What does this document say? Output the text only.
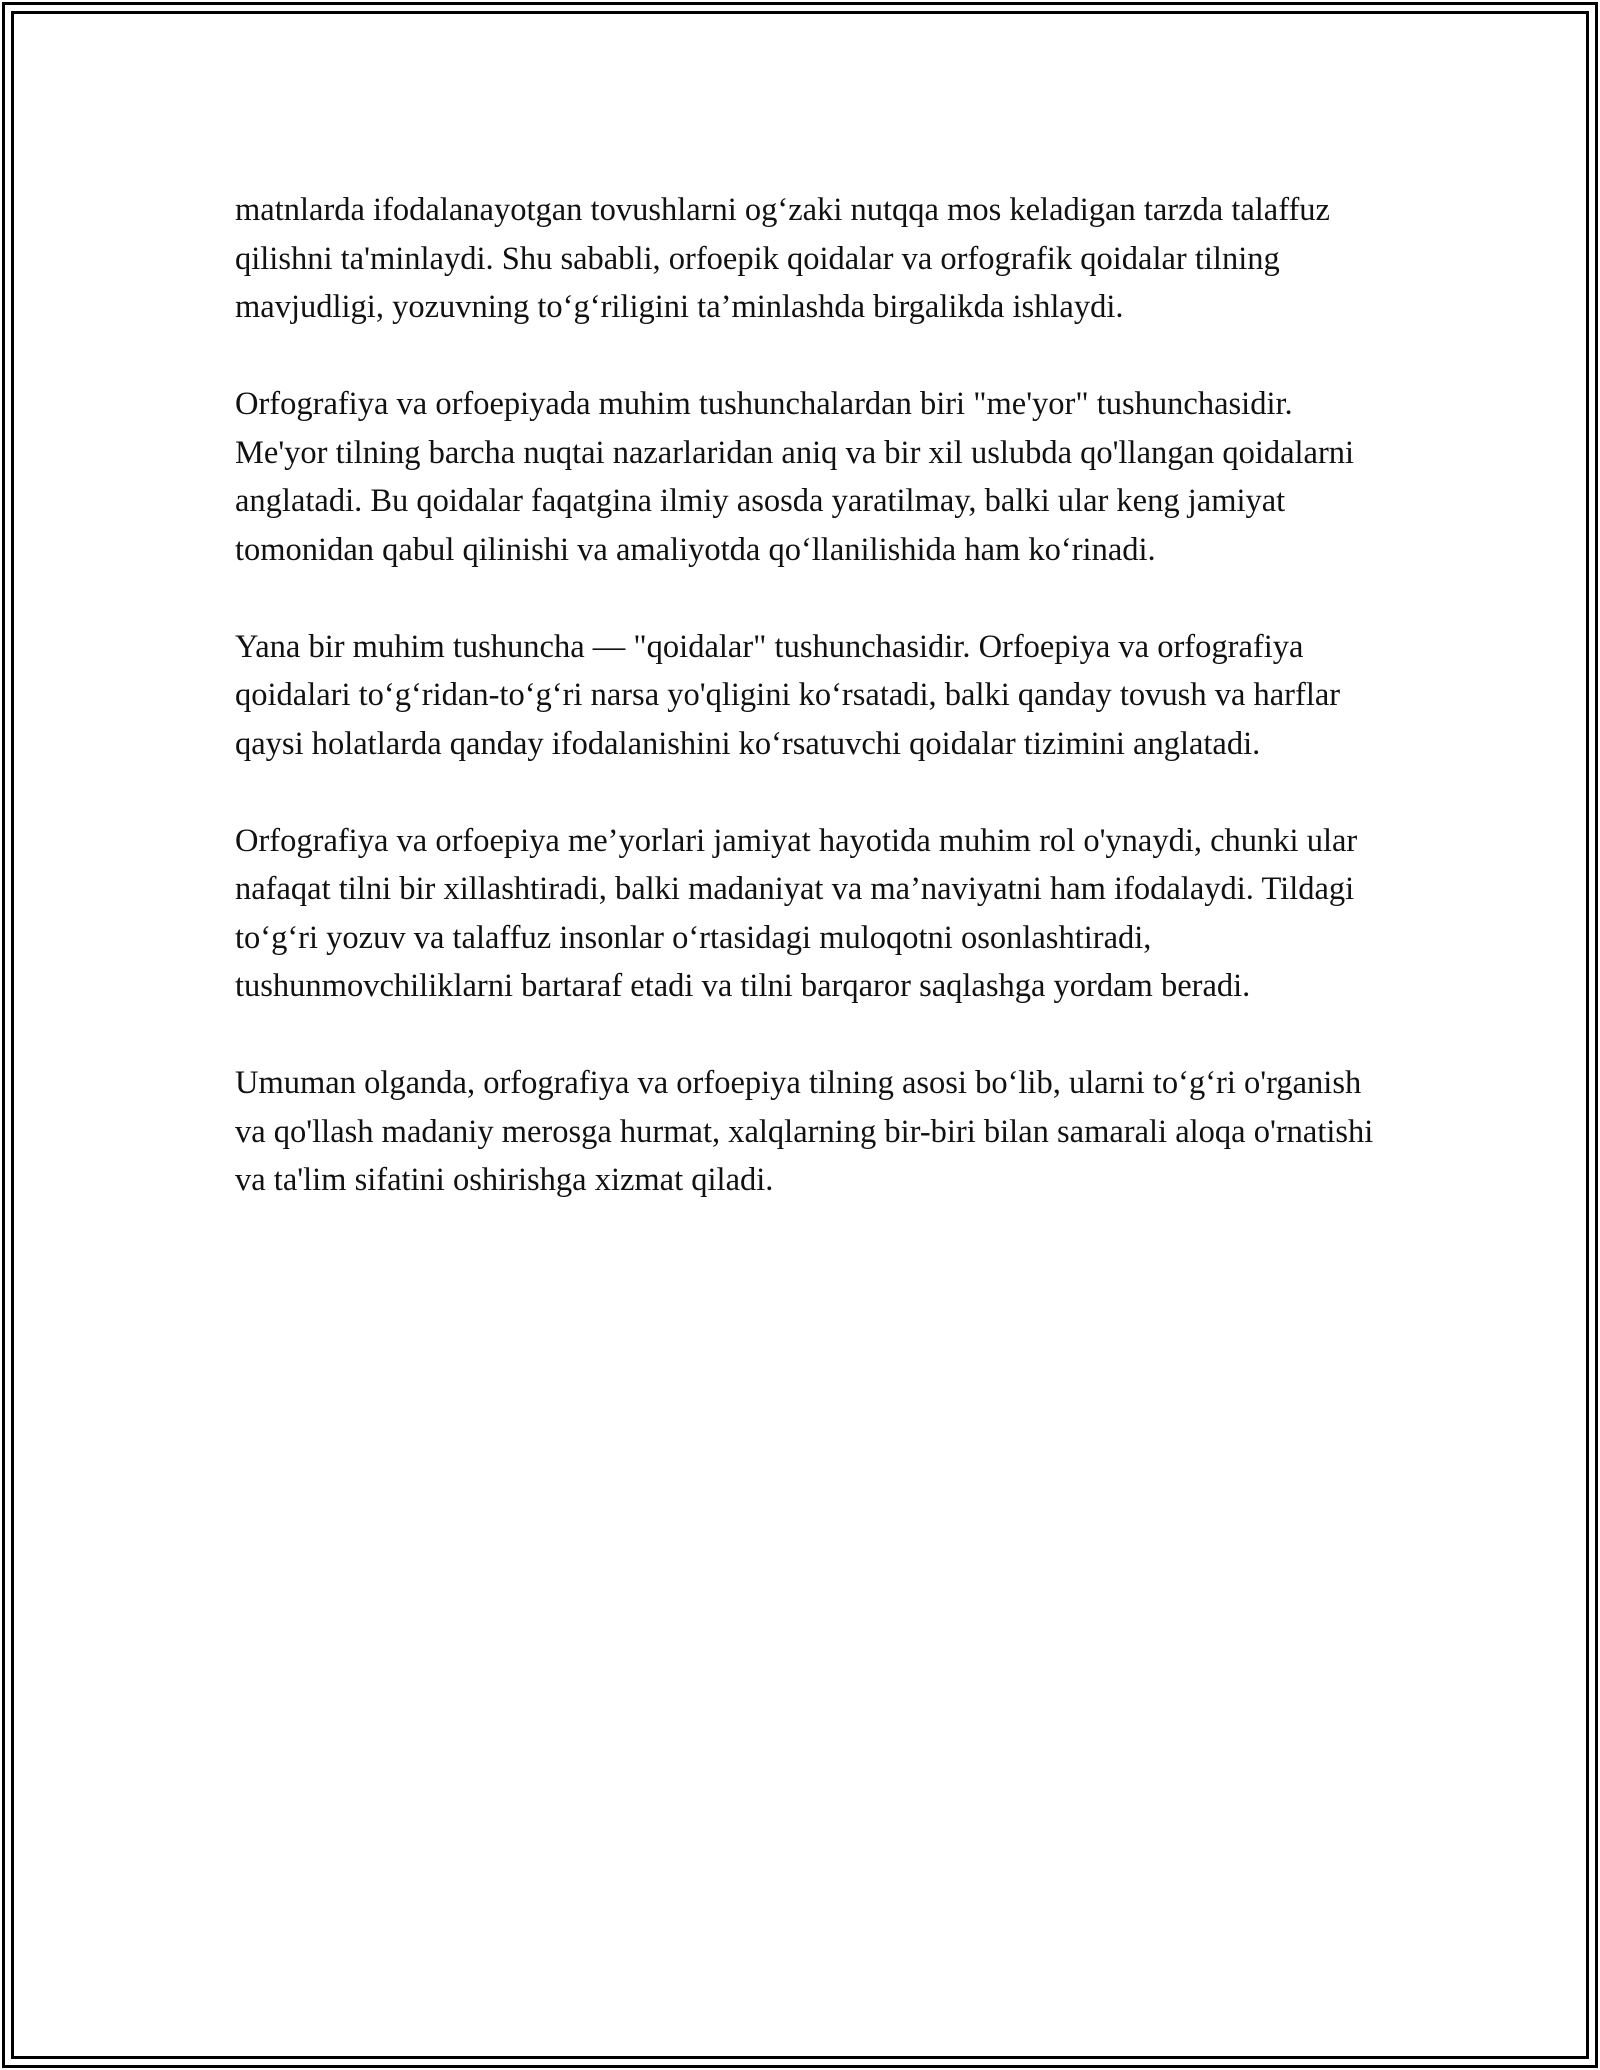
matnlarda ifodalanayotgan tovushlarni og‘zaki nutqqa mos keladigan tarzda talaffuz qilishni ta'minlaydi. Shu sababli, orfoepik qoidalar va orfografik qoidalar tilning mavjudligi, yozuvning to‘g‘riligini ta’minlashda birgalikda ishlaydi.

Orfografiya va orfoepiyada muhim tushunchalardan biri "me'yor" tushunchasidir. Me'yor tilning barcha nuqtai nazarlaridan aniq va bir xil uslubda qo'llangan qoidalarni anglatadi. Bu qoidalar faqatgina ilmiy asosda yaratilmay, balki ular keng jamiyat tomonidan qabul qilinishi va amaliyotda qo‘llanilishida ham ko‘rinadi.

Yana bir muhim tushuncha — "qoidalar" tushunchasidir. Orfoepiya va orfografiya qoidalari to‘g‘ridan-to‘g‘ri narsa yo'qligini ko‘rsatadi, balki qanday tovush va harflar qaysi holatlarda qanday ifodalanishini ko‘rsatuvchi qoidalar tizimini anglatadi.

Orfografiya va orfoepiya me’yorlari jamiyat hayotida muhim rol o'ynaydi, chunki ular nafaqat tilni bir xillashtiradi, balki madaniyat va ma’naviyatni ham ifodalaydi. Tildagi to‘g‘ri yozuv va talaffuz insonlar o‘rtasidagi muloqotni osonlashtiradi, tushunmovchiliklarni bartaraf etadi va tilni barqaror saqlashga yordam beradi.

Umuman olganda, orfografiya va orfoepiya tilning asosi bo‘lib, ularni to‘g‘ri o'rganish va qo'llash madaniy merosga hurmat, xalqlarning bir-biri bilan samarali aloqa o'rnatishi va ta'lim sifatini oshirishga xizmat qiladi.
